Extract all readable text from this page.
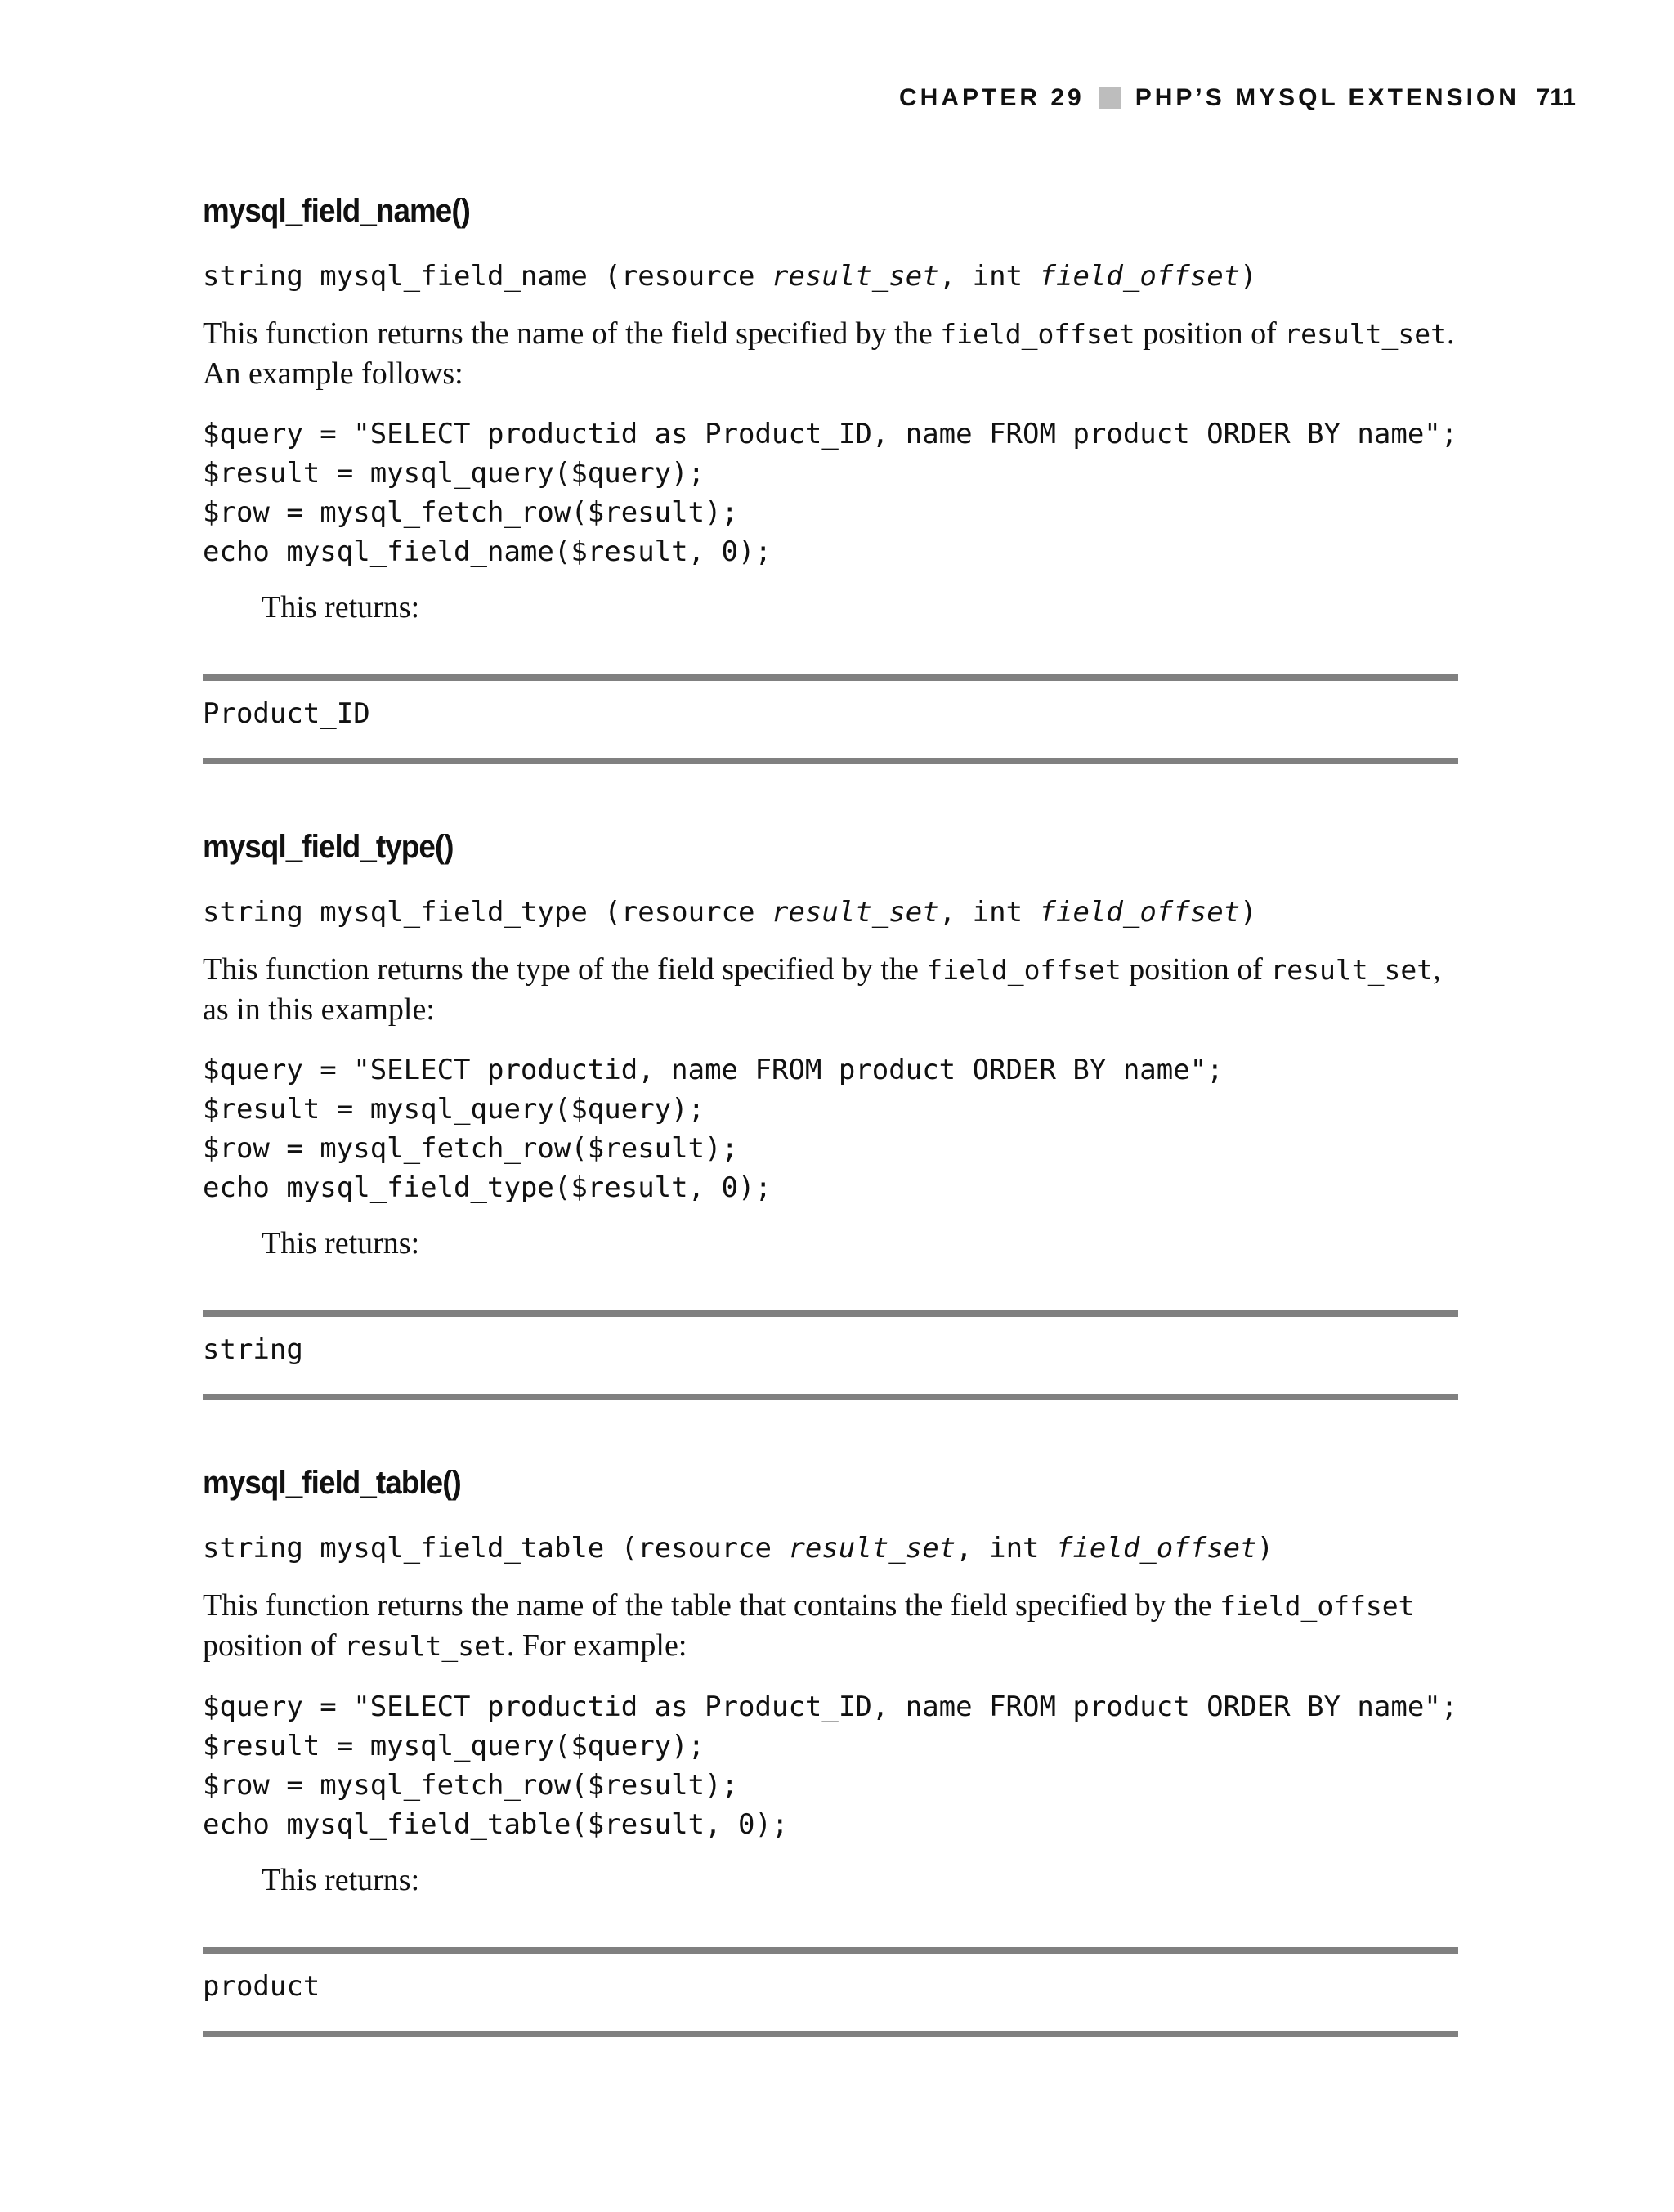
CHAPTER 29 PHP’S MYSQL EXTENSION 711
mysql_field_name()
string mysql_field_name (resource result_set, int field_offset)

This function returns the name of the field specified by the field_offset position of result_set. An example follows:

$query = "SELECT productid as Product_ID, name FROM product ORDER BY name";
$result = mysql_query($query);
$row = mysql_fetch_row($result);
echo mysql_field_name($result, 0);

This returns:

Product_ID
mysql_field_type()
string mysql_field_type (resource result_set, int field_offset)

This function returns the type of the field specified by the field_offset position of result_set, as in this example:

$query = "SELECT productid, name FROM product ORDER BY name";
$result = mysql_query($query);
$row = mysql_fetch_row($result);
echo mysql_field_type($result, 0);

This returns:

string
mysql_field_table()
string mysql_field_table (resource result_set, int field_offset)

This function returns the name of the table that contains the field specified by the field_offset position of result_set. For example:

$query = "SELECT productid as Product_ID, name FROM product ORDER BY name";
$result = mysql_query($query);
$row = mysql_fetch_row($result);
echo mysql_field_table($result, 0);

This returns:

product
